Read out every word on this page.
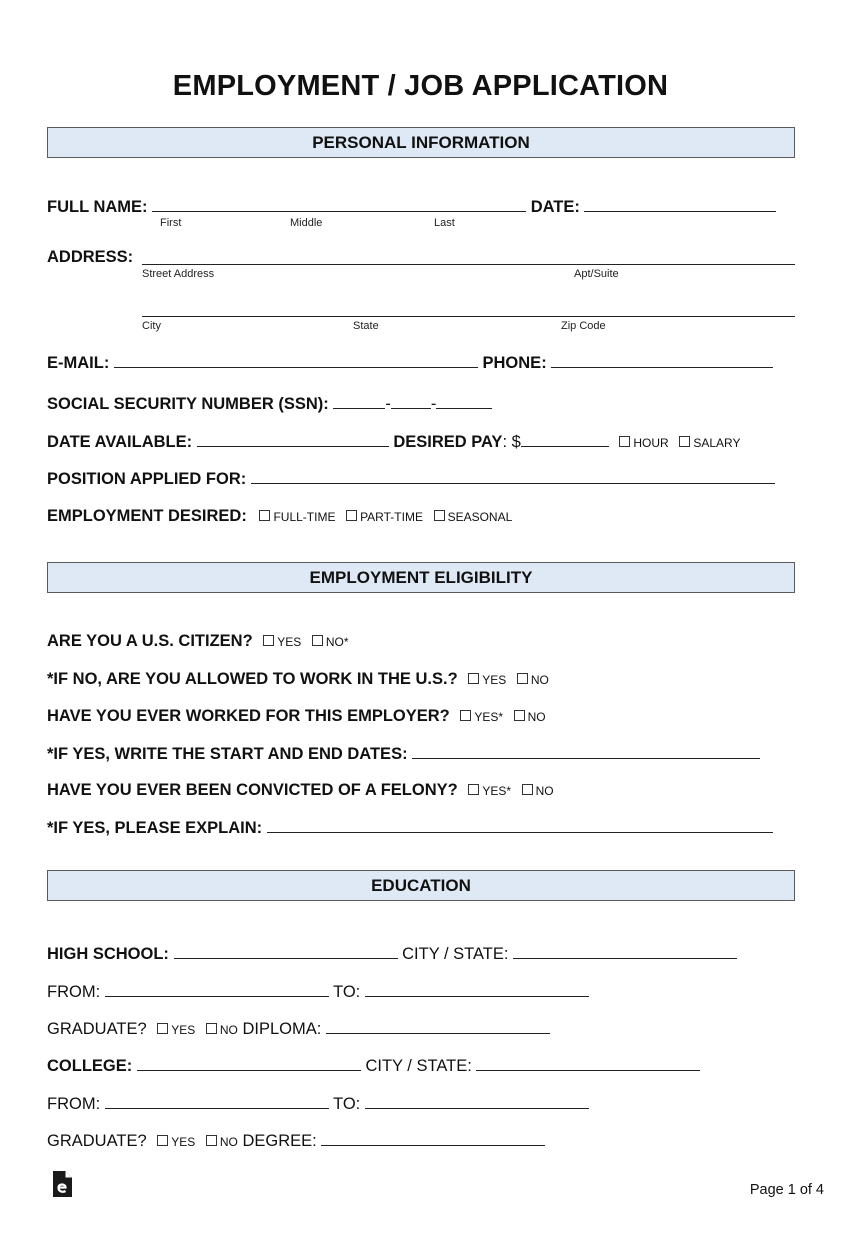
EMPLOYMENT / JOB APPLICATION
PERSONAL INFORMATION
FULL NAME:	DATE:
First	Middle	Last
ADDRESS:
Street Address	Apt/Suite
City	State	Zip Code
E-MAIL:	PHONE:
SOCIAL SECURITY NUMBER (SSN):	- -
DATE AVAILABLE:	DESIRED PAY: $	HOUR SALARY
POSITION APPLIED FOR:
EMPLOYMENT DESIRED: FULL-TIME PART-TIME SEASONAL
EMPLOYMENT ELIGIBILITY
ARE YOU A U.S. CITIZEN? YES NO*
*IF NO, ARE YOU ALLOWED TO WORK IN THE U.S.? YES NO
HAVE YOU EVER WORKED FOR THIS EMPLOYER? YES* NO
*IF YES, WRITE THE START AND END DATES:
HAVE YOU EVER BEEN CONVICTED OF A FELONY? YES* NO
*IF YES, PLEASE EXPLAIN:
EDUCATION
HIGH SCHOOL:	CITY / STATE:
FROM:	TO:
GRADUATE? YES NO DIPLOMA:
COLLEGE:	CITY / STATE:
FROM:	TO:
GRADUATE? YES NO DEGREE:
Page 1 of 4
